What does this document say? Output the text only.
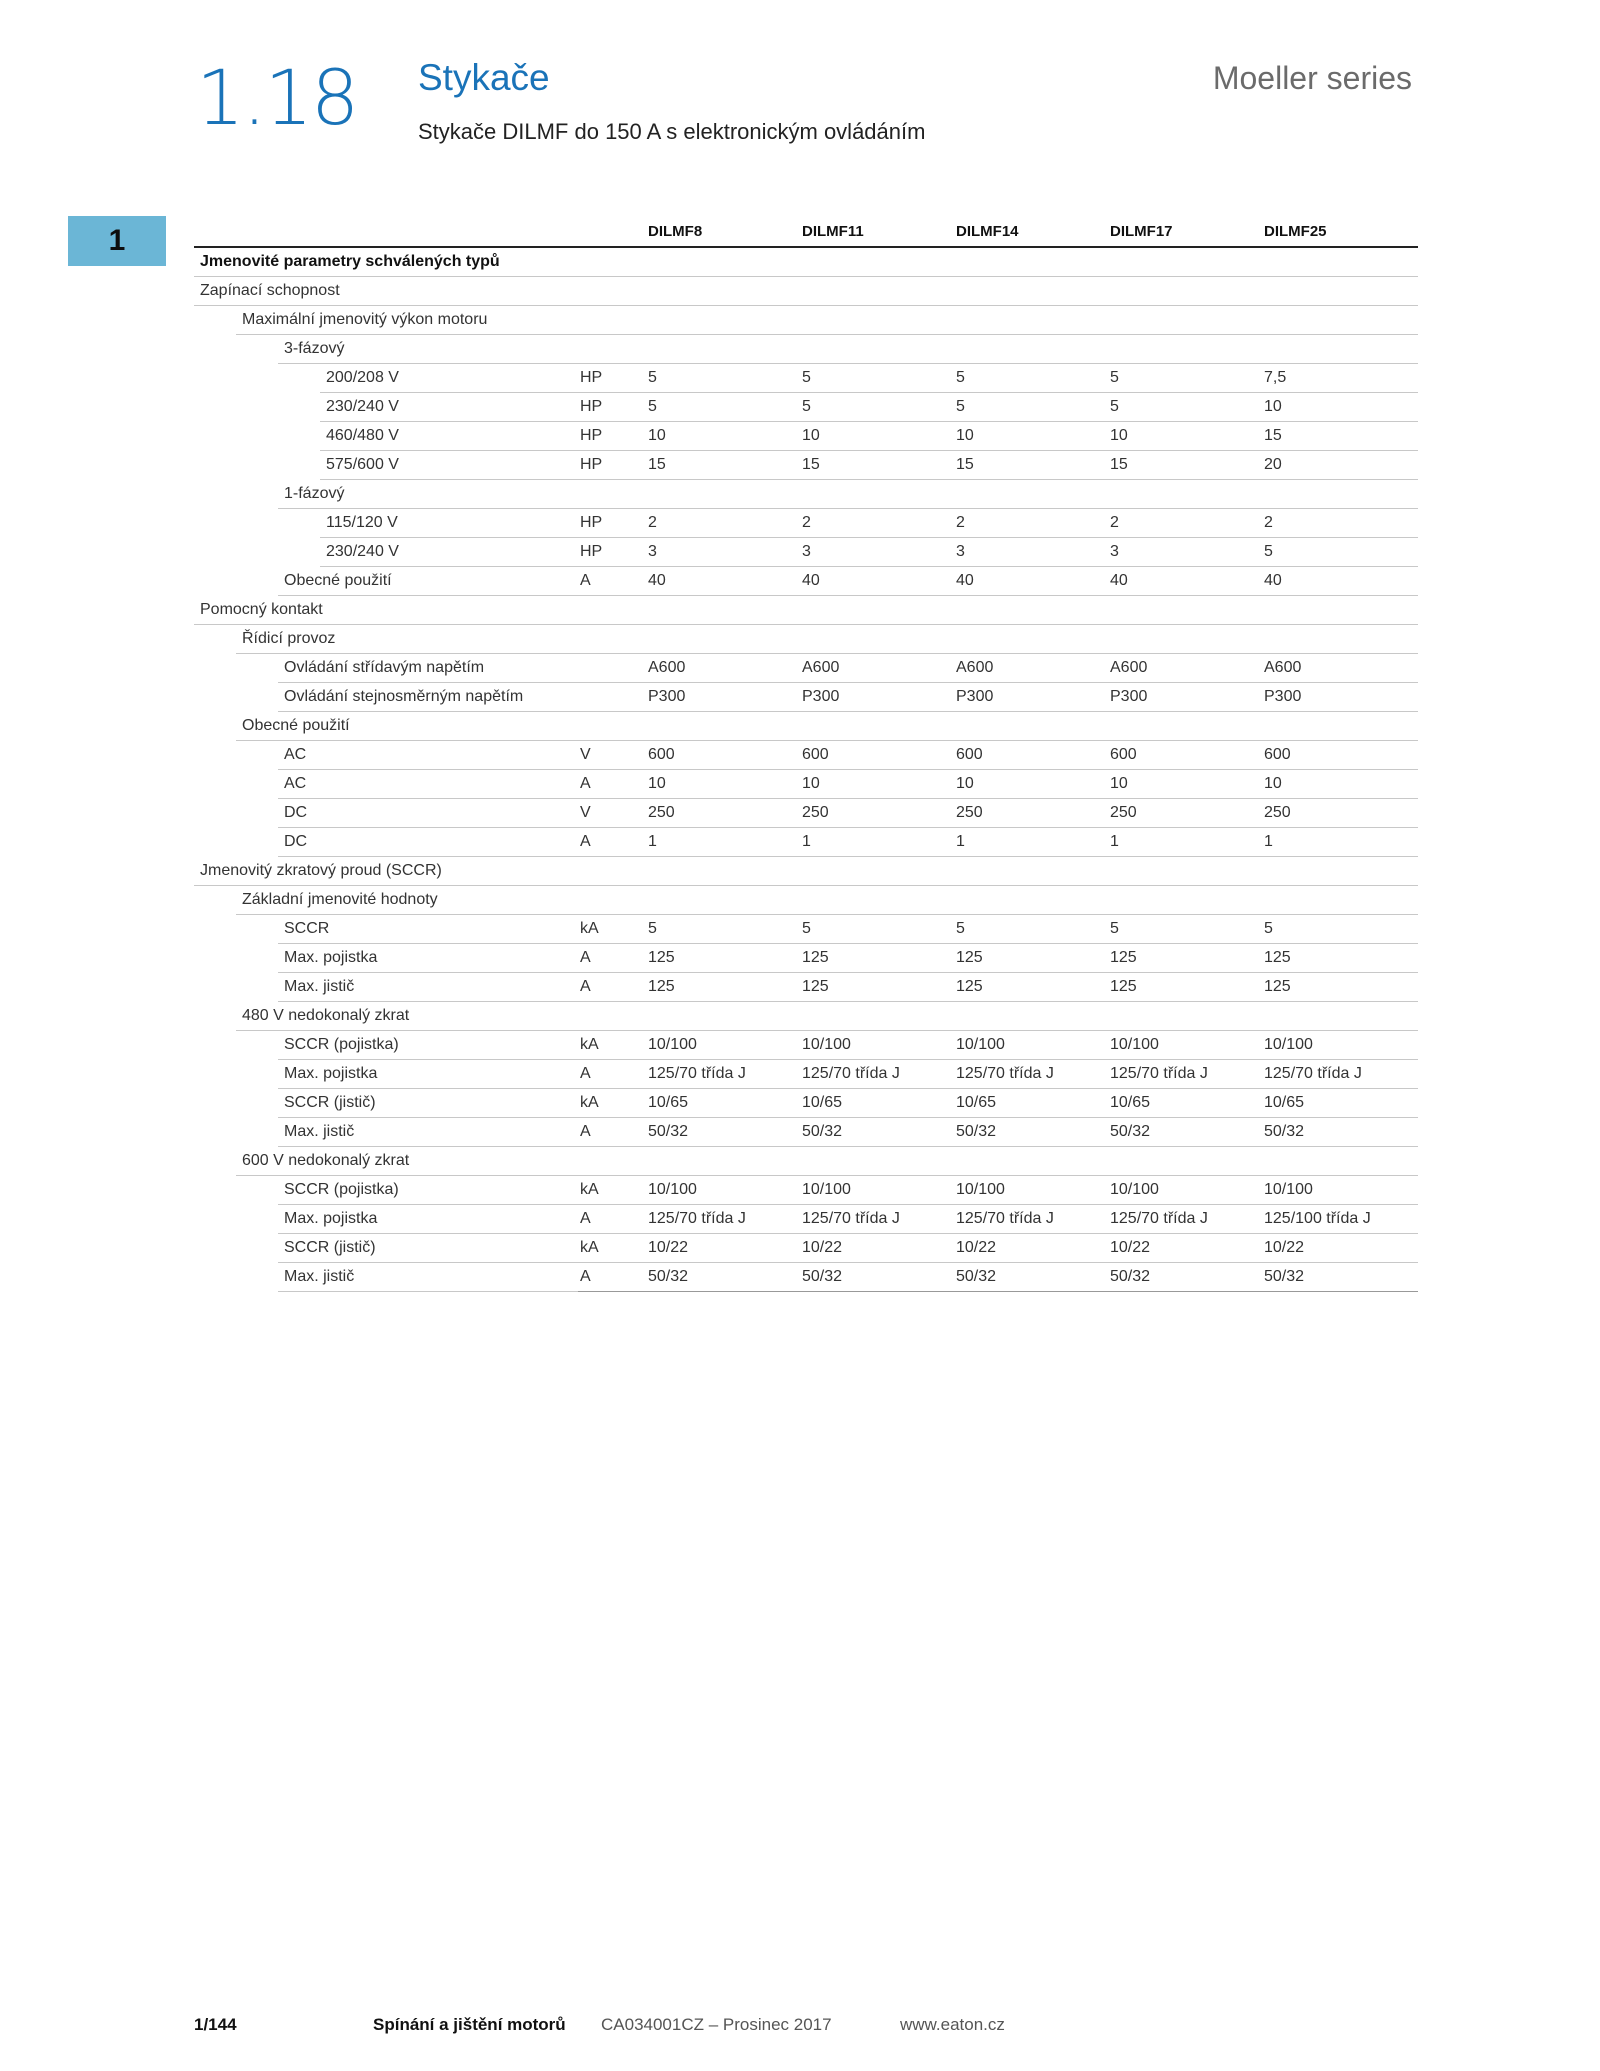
1.18 Stykače
Stykače DILMF do 150 A s elektronickým ovládáním
Moeller series
1
			DILMF8	DILMF11	DILMF14	DILMF17	DILMF25
Jmenovité parametry schválených typů						
Zapínací schopnost						
Maximální jmenovitý výkon motoru						
3-fázový						
200/208 V	HP	5	5	5	5	7,5
230/240 V	HP	5	5	5	5	10
460/480 V	HP	10	10	10	10	15
575/600 V	HP	15	15	15	15	20
1-fázový						
115/120 V	HP	2	2	2	2	2
230/240 V	HP	3	3	3	3	5
Obecné použití	A	40	40	40	40	40
Pomocný kontakt						
Řídicí provoz						
Ovládání střídavým napětím		A600	A600	A600	A600	A600
Ovládání stejnosměrným napětím		P300	P300	P300	P300	P300
Obecné použití						
AC	V	600	600	600	600	600
AC	A	10	10	10	10	10
DC	V	250	250	250	250	250
DC	A	1	1	1	1	1
Jmenovitý zkratový proud (SCCR)						
Základní jmenovité hodnoty						
SCCR	kA	5	5	5	5	5
Max. pojistka	A	125	125	125	125	125
Max. jistič	A	125	125	125	125	125
480 V nedokonalý zkrat						
SCCR (pojistka)	kA	10/100	10/100	10/100	10/100	10/100
Max. pojistka	A	125/70 třída J	125/70 třída J	125/70 třída J	125/70 třída J	125/70 třída J
SCCR (jistič)	kA	10/65	10/65	10/65	10/65	10/65
Max. jistič	A	50/32	50/32	50/32	50/32	50/32
600 V nedokonalý zkrat						
SCCR (pojistka)	kA	10/100	10/100	10/100	10/100	10/100
Max. pojistka	A	125/70 třída J	125/70 třída J	125/70 třída J	125/70 třída J	125/100 třída J
SCCR (jistič)	kA	10/22	10/22	10/22	10/22	10/22
Max. jistič	A	50/32	50/32	50/32	50/32	50/32
1/144	Spínání a jištění motorů CA034001CZ – Prosinec 2017	www.eaton.cz
